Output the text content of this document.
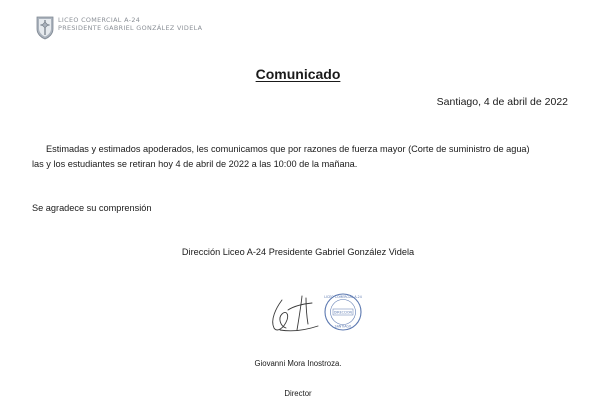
LICEO COMERCIAL A-24
PRESIDENTE GABRIEL GONZÁLEZ VIDELA
Comunicado
Santiago, 4 de abril de 2022
Estimadas y estimados apoderados, les comunicamos que por razones de fuerza mayor (Corte de suministro de agua)
las y los estudiantes se retiran hoy 4 de abril de 2022 a las 10:00 de la mañana.
Se agradece su comprensión
Dirección Liceo A-24 Presidente Gabriel González Videla
LICEO COMERCIAL A-24
DIRECCION
SANTIAGO
Giovanni Mora Inostroza.
Director
